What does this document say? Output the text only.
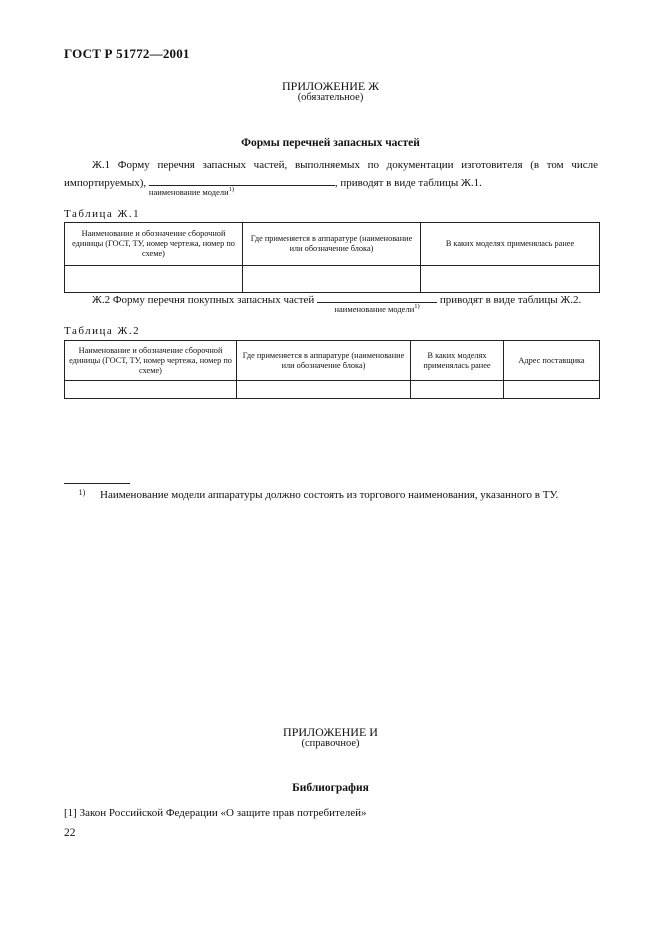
ГОСТ Р 51772—2001
ПРИЛОЖЕНИЕ Ж
(обязательное)
Формы перечней запасных частей
Ж.1 Форму перечня запасных частей, выполняемых по документации изготовителя (в том числе импортируемых),
наименование модели$^{1)}$
, приводят в виде таблицы Ж.1.
Таблица Ж.1
Наименование и обозначение сборочной единицы (ГОСТ, ТУ, номер чертежа, номер по схеме)	Где применяется в аппаратуре (наименование или обозначение блока)	В каких моделях применялась ранее

Ж.2 Форму перечня покупных запасных частей
наименование модели$^{1)}$
приводят в виде таблицы Ж.2.
Таблица Ж.2
Наименование и обозначение сборочной единицы (ГОСТ, ТУ, номер чертежа, номер по схеме)	Где применяется в аппаратуре (наименование или обозначение блока)	В каких моделях применялась ранее	Адрес поставщика

1) Наименование модели аппаратуры должно состоять из торгового наименования, указанного в ТУ.
ПРИЛОЖЕНИЕ И
(справочное)
Библиография
[1] Закон Российской Федерации «О защите прав потребителей»
22
